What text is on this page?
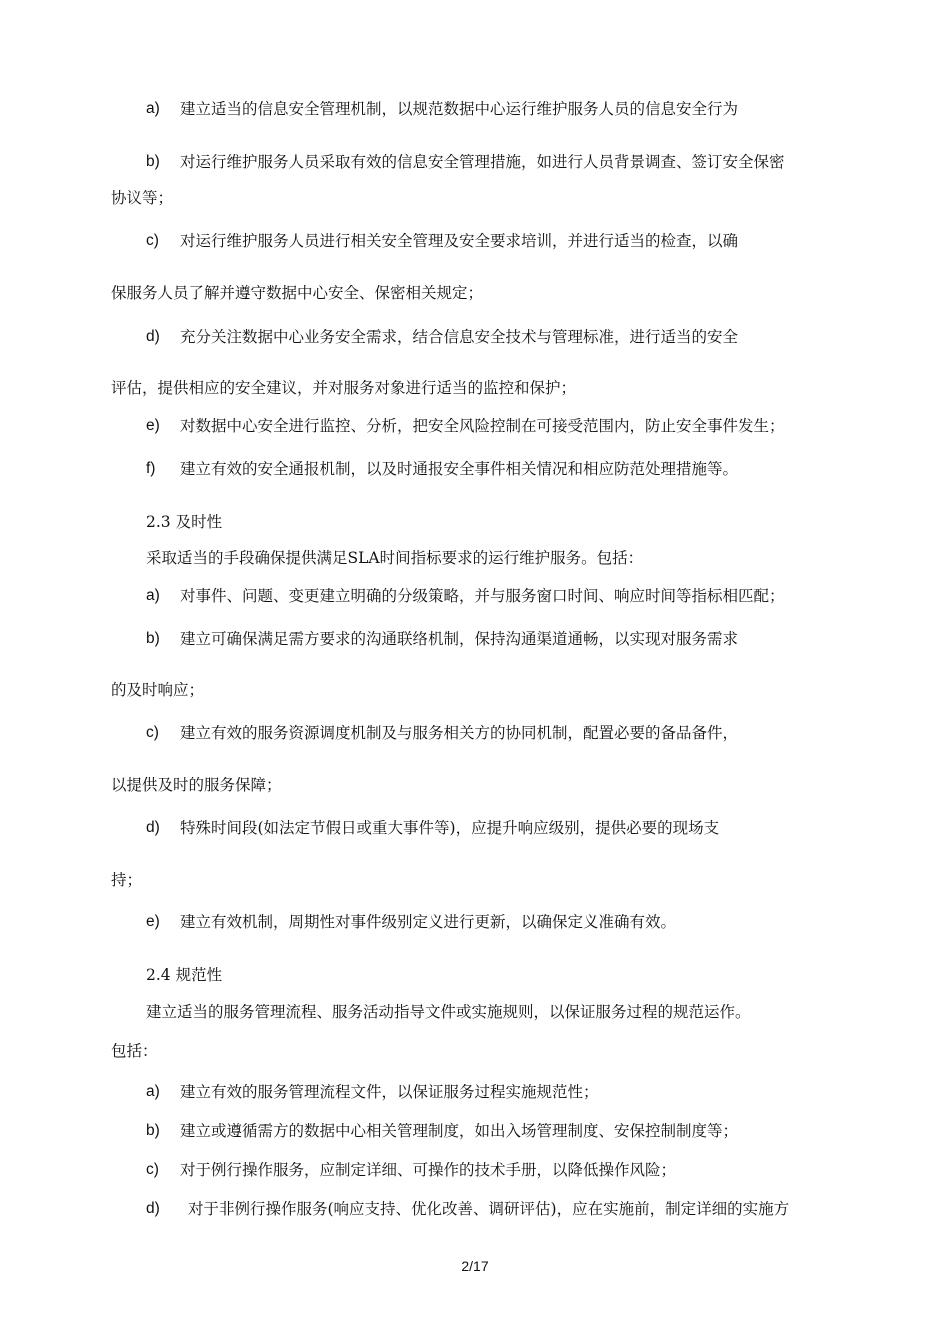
a) 建立适当的信息安全管理机制，以规范数据中心运行维护服务人员的信息安全行为
b) 对运行维护服务人员采取有效的信息安全管理措施，如进行人员背景调查、签订安全保密
协议等；
c) 对运行维护服务人员进行相关安全管理及安全要求培训，并进行适当的检查，以确
保服务人员了解并遵守数据中心安全、保密相关规定；
d) 充分关注数据中心业务安全需求，结合信息安全技术与管理标准，进行适当的安全
评估，提供相应的安全建议，并对服务对象进行适当的监控和保护；
e) 对数据中心安全进行监控、分析，把安全风险控制在可接受范围内，防止安全事件发生；
f) 建立有效的安全通报机制，以及时通报安全事件相关情况和相应防范处理措施等。
2.3 及时性
采取适当的手段确保提供满足SLA时间指标要求的运行维护服务。包括：
a) 对事件、问题、变更建立明确的分级策略，并与服务窗口时间、响应时间等指标相匹配；
b) 建立可确保满足需方要求的沟通联络机制，保持沟通渠道通畅，以实现对服务需求
的及时响应；
c) 建立有效的服务资源调度机制及与服务相关方的协同机制，配置必要的备品备件，
以提供及时的服务保障；
d) 特殊时间段(如法定节假日或重大事件等)，应提升响应级别，提供必要的现场支
持；
e) 建立有效机制，周期性对事件级别定义进行更新，以确保定义准确有效。
2.4 规范性
建立适当的服务管理流程、服务活动指导文件或实施规则，以保证服务过程的规范运作。
包括：
a) 建立有效的服务管理流程文件，以保证服务过程实施规范性；
b) 建立或遵循需方的数据中心相关管理制度，如出入场管理制度、安保控制制度等；
c) 对于例行操作服务，应制定详细、可操作的技术手册，以降低操作风险；
d) 对于非例行操作服务(响应支持、优化改善、调研评估)，应在实施前，制定详细的实施方
2/17
